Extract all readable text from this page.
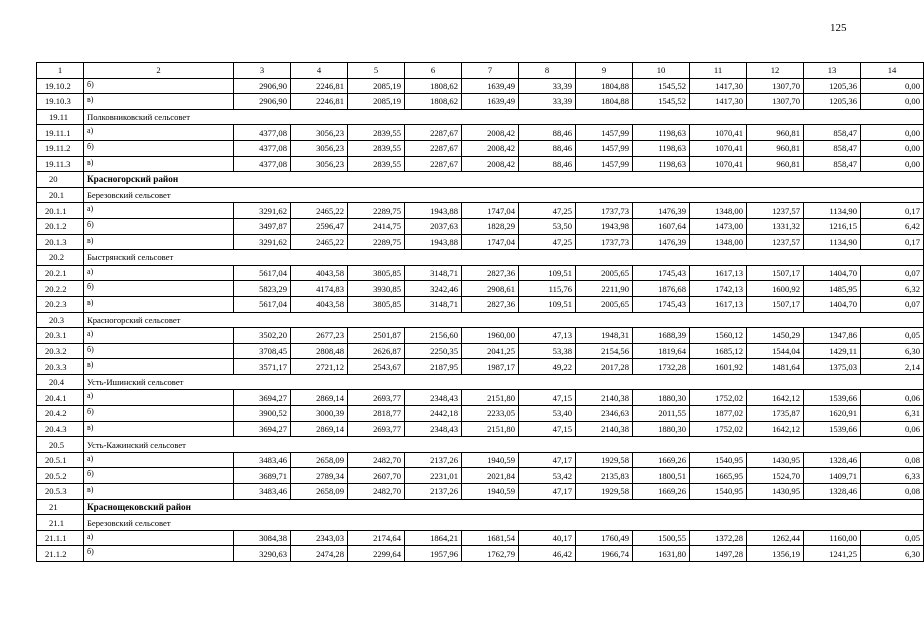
125
1	2	3	4	5	6	7	8	9	10	11	12	13	14
19.10.2	б)	2906,90	2246,81	2085,19	1808,62	1639,49	33,39	1804,88	1545,52	1417,30	1307,70	1205,36	0,00
19.10.3	в)	2906,90	2246,81	2085,19	1808,62	1639,49	33,39	1804,88	1545,52	1417,30	1307,70	1205,36	0,00
19.11	Полковниковский сельсовет												
19.11.1	а)	4377,08	3056,23	2839,55	2287,67	2008,42	88,46	1457,99	1198,63	1070,41	960,81	858,47	0,00
19.11.2	б)	4377,08	3056,23	2839,55	2287,67	2008,42	88,46	1457,99	1198,63	1070,41	960,81	858,47	0,00
19.11.3	в)	4377,08	3056,23	2839,55	2287,67	2008,42	88,46	1457,99	1198,63	1070,41	960,81	858,47	0,00
20	Красногорский район												
20.1	Березовский сельсовет												
20.1.1	а)	3291,62	2465,22	2289,75	1943,88	1747,04	47,25	1737,73	1476,39	1348,00	1237,57	1134,90	0,17
20.1.2	б)	3497,87	2596,47	2414,75	2037,63	1828,29	53,50	1943,98	1607,64	1473,00	1331,32	1216,15	6,42
20.1.3	в)	3291,62	2465,22	2289,75	1943,88	1747,04	47,25	1737,73	1476,39	1348,00	1237,57	1134,90	0,17
20.2	Быстрянский сельсовет												
20.2.1	а)	5617,04	4043,58	3805,85	3148,71	2827,36	109,51	2005,65	1745,43	1617,13	1507,17	1404,70	0,07
20.2.2	б)	5823,29	4174,83	3930,85	3242,46	2908,61	115,76	2211,90	1876,68	1742,13	1600,92	1485,95	6,32
20.2.3	в)	5617,04	4043,58	3805,85	3148,71	2827,36	109,51	2005,65	1745,43	1617,13	1507,17	1404,70	0,07
20.3	Красногорский сельсовет												
20.3.1	а)	3502,20	2677,23	2501,87	2156,60	1960,00	47,13	1948,31	1688,39	1560,12	1450,29	1347,86	0,05
20.3.2	б)	3708,45	2808,48	2626,87	2250,35	2041,25	53,38	2154,56	1819,64	1685,12	1544,04	1429,11	6,30
20.3.3	в)	3571,17	2721,12	2543,67	2187,95	1987,17	49,22	2017,28	1732,28	1601,92	1481,64	1375,03	2,14
20.4	Усть-Ишинский сельсовет												
20.4.1	а)	3694,27	2869,14	2693,77	2348,43	2151,80	47,15	2140,38	1880,30	1752,02	1642,12	1539,66	0,06
20.4.2	б)	3900,52	3000,39	2818,77	2442,18	2233,05	53,40	2346,63	2011,55	1877,02	1735,87	1620,91	6,31
20.4.3	в)	3694,27	2869,14	2693,77	2348,43	2151,80	47,15	2140,38	1880,30	1752,02	1642,12	1539,66	0,06
20.5	Усть-Кажинский сельсовет												
20.5.1	а)	3483,46	2658,09	2482,70	2137,26	1940,59	47,17	1929,58	1669,26	1540,95	1430,95	1328,46	0,08
20.5.2	б)	3689,71	2789,34	2607,70	2231,01	2021,84	53,42	2135,83	1800,51	1665,95	1524,70	1409,71	6,33
20.5.3	в)	3483,46	2658,09	2482,70	2137,26	1940,59	47,17	1929,58	1669,26	1540,95	1430,95	1328,46	0,08
21	Краснощековский район												
21.1	Березовский сельсовет												
21.1.1	а)	3084,38	2343,03	2174,64	1864,21	1681,54	40,17	1760,49	1500,55	1372,28	1262,44	1160,00	0,05
21.1.2	б)	3290,63	2474,28	2299,64	1957,96	1762,79	46,42	1966,74	1631,80	1497,28	1356,19	1241,25	6,30
